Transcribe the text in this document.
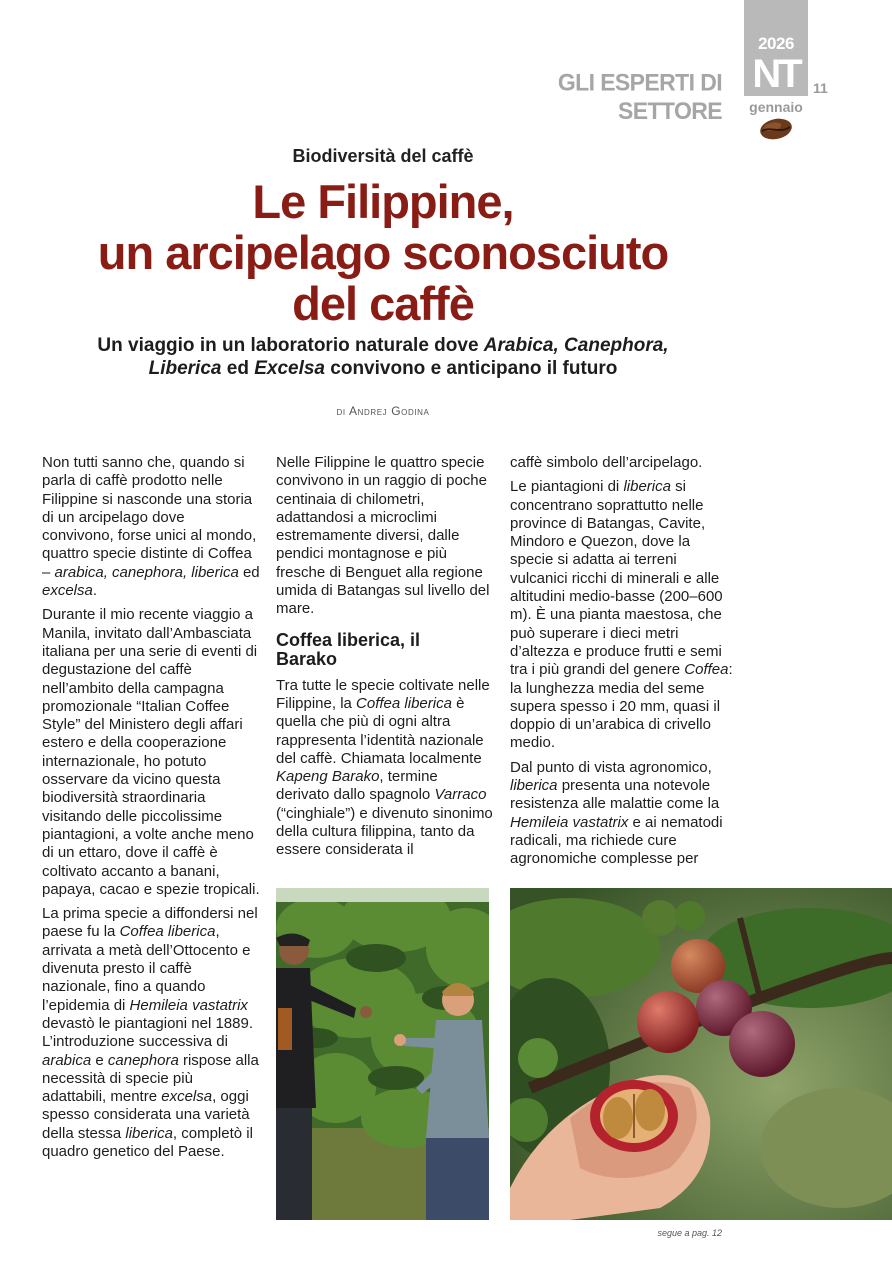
GLI ESPERTI DI SETTORE
2026
NT 11
gennaio
Biodiversità del caffè
Le Filippine,
un arcipelago sconosciuto
del caffè
Un viaggio in un laboratorio naturale dove Arabica, Canephora,
Liberica ed Excelsa convivono e anticipano il futuro
di Andrej Godina

Non tutti sanno che, quando si parla di caffè prodotto nelle Filippine si nasconde una storia di un arcipelago dove convivono, forse unici al mondo, quattro specie distinte di Coffea – arabica, canephora, liberica ed excelsa.

Durante il mio recente viaggio a Manila, invitato dall’Ambasciata italiana per una serie di eventi di degustazione del caffè nell’ambito della campagna promozionale “Italian Coffee Style” del Ministero degli affari estero e della cooperazione internazionale, ho potuto osservare da vicino questa biodiversità straordinaria visitando delle piccolissime piantagioni, a volte anche meno di un ettaro, dove il caffè è coltivato accanto a banani, papaya, cacao e spezie tropicali.

La prima specie a diffondersi nel paese fu la Coffea liberica, arrivata a metà dell’Ottocento e divenuta presto il caffè nazionale, fino a quando l’epidemia di Hemileia vastatrix devastò le piantagioni nel 1889. L’introduzione successiva di arabica e canephora rispose alla necessità di specie più adattabili, mentre excelsa, oggi spesso considerata una varietà della stessa liberica, completò il quadro genetico del Paese.

Nelle Filippine le quattro specie convivono in un raggio di poche centinaia di chilometri, adattandosi a microclimi estremamente diversi, dalle pendici montagnose e più fresche di Benguet alla regione umida di Batangas sul livello del mare.

Coffea liberica, il Barako

Tra tutte le specie coltivate nelle Filippine, la Coffea liberica è quella che più di ogni altra rappresenta l’identità nazionale del caffè. Chiamata localmente Kapeng Barako, termine derivato dallo spagnolo Varraco (“cinghiale”) e divenuto sinonimo della cultura filippina, tanto da essere considerata il

caffè simbolo dell’arcipelago.

Le piantagioni di liberica si concentrano soprattutto nelle province di Batangas, Cavite, Mindoro e Quezon, dove la specie si adatta ai terreni vulcanici ricchi di minerali e alle altitudini medio-basse (200–600 m). È una pianta maestosa, che può superare i dieci metri d’altezza e produce frutti e semi tra i più grandi del genere Coffea: la lunghezza media del seme supera spesso i 20 mm, quasi il doppio di un’arabica di crivello medio.

Dal punto di vista agronomico, liberica presenta una notevole resistenza alle malattie come la Hemileia vastatrix e ai nematodi radicali, ma richiede cure agronomiche complesse per

segue a pag. 12
